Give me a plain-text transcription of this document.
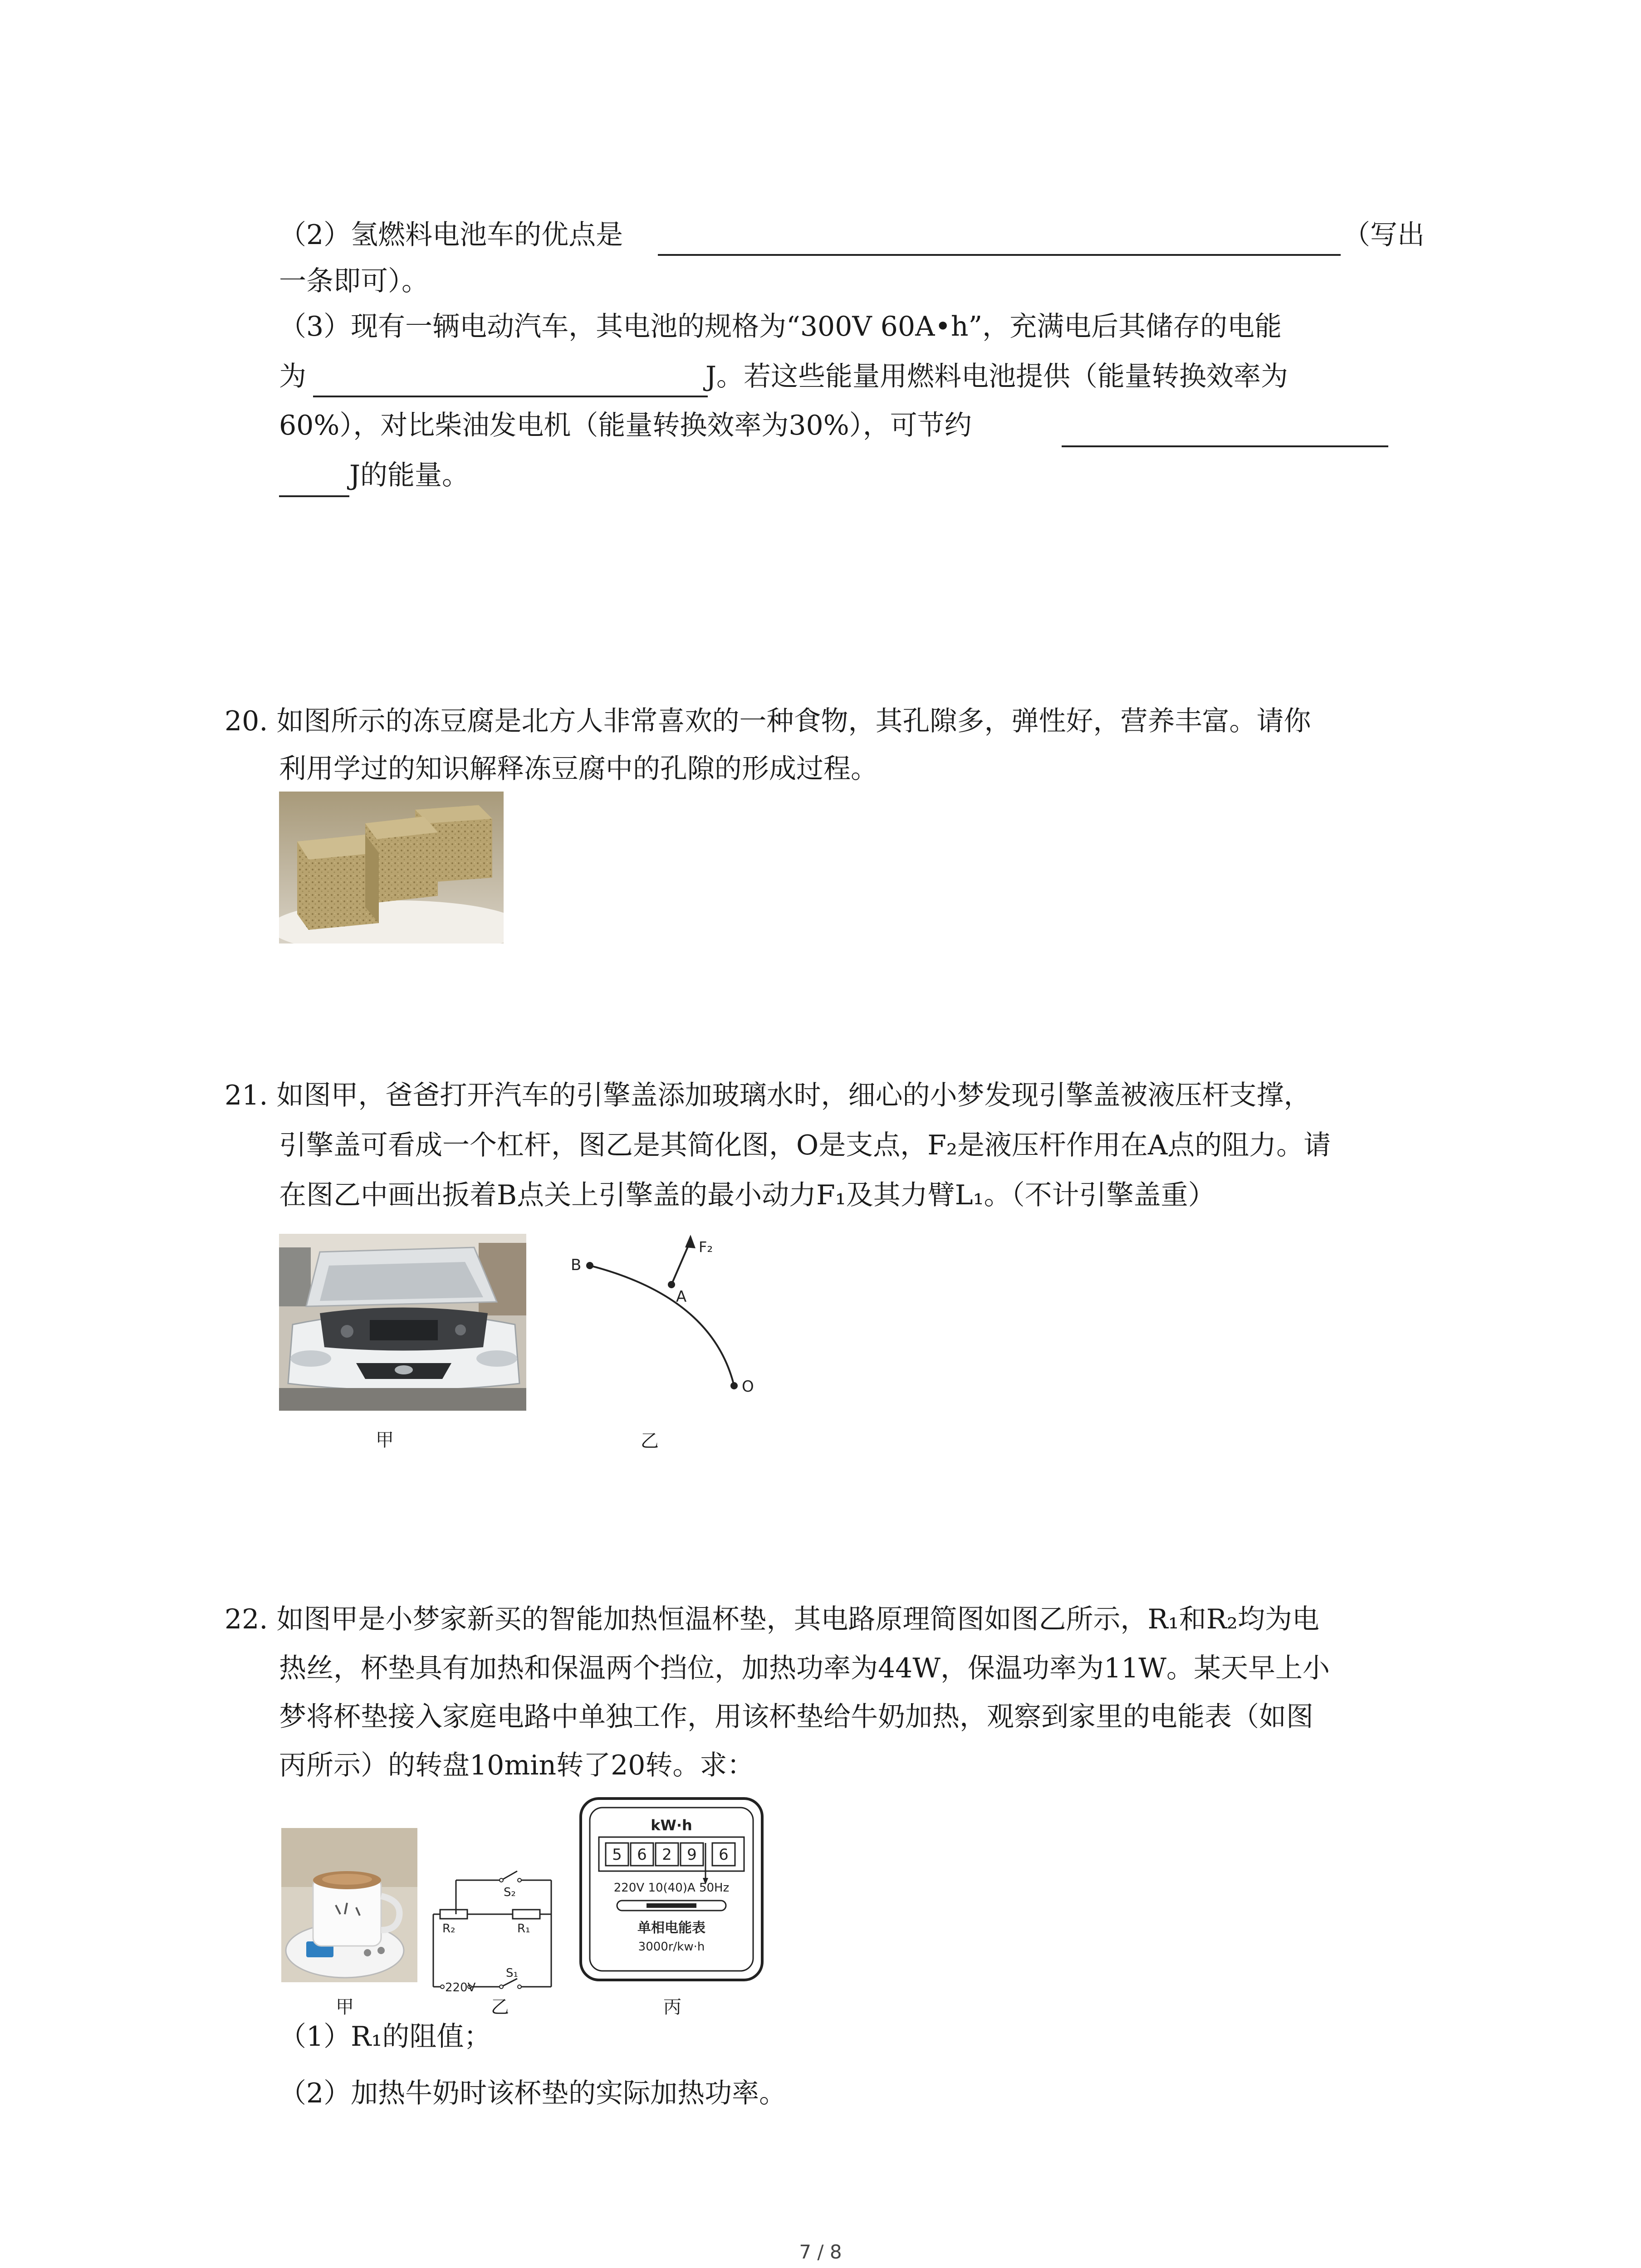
（2）氢燃料电池车的优点是	（写出
一条即可）。
（3）现有一辆电动汽车，其电池的规格为“300V 60A•h”，充满电后其储存的电能
为	J。若这些能量用燃料电池提供（能量转换效率为
60%），对比柴油发电机（能量转换效率为30%），可节约
J的能量。
20. 如图所示的冻豆腐是北方人非常喜欢的一种食物，其孔隙多，弹性好，营养丰富。请你
利用学过的知识解释冻豆腐中的孔隙的形成过程。
21. 如图甲，爸爸打开汽车的引擎盖添加玻璃水时，细心的小梦发现引擎盖被液压杆支撑，
引擎盖可看成一个杠杆，图乙是其简化图，O是支点，F₂是液压杆作用在A点的阻力。请
在图乙中画出扳着B点关上引擎盖的最小动力F₁及其力臂L₁。（不计引擎盖重）
甲
B
A
O
F₂
乙
22. 如图甲是小梦家新买的智能加热恒温杯垫，其电路原理简图如图乙所示，R₁和R₂均为电
热丝，杯垫具有加热和保温两个挡位，加热功率为44W，保温功率为11W。某天早上小
梦将杯垫接入家庭电路中单独工作，用该杯垫给牛奶加热，观察到家里的电能表（如图
丙所示）的转盘10min转了20转。求：
甲
S₂
R₂	R₁
S₁
220V
乙
kW·h
5 6 2 9 6
220V 10(40)A 50Hz
单相电能表
3000r/kw·h
丙
（1）R₁的阻值；
（2）加热牛奶时该杯垫的实际加热功率。
7 / 8
